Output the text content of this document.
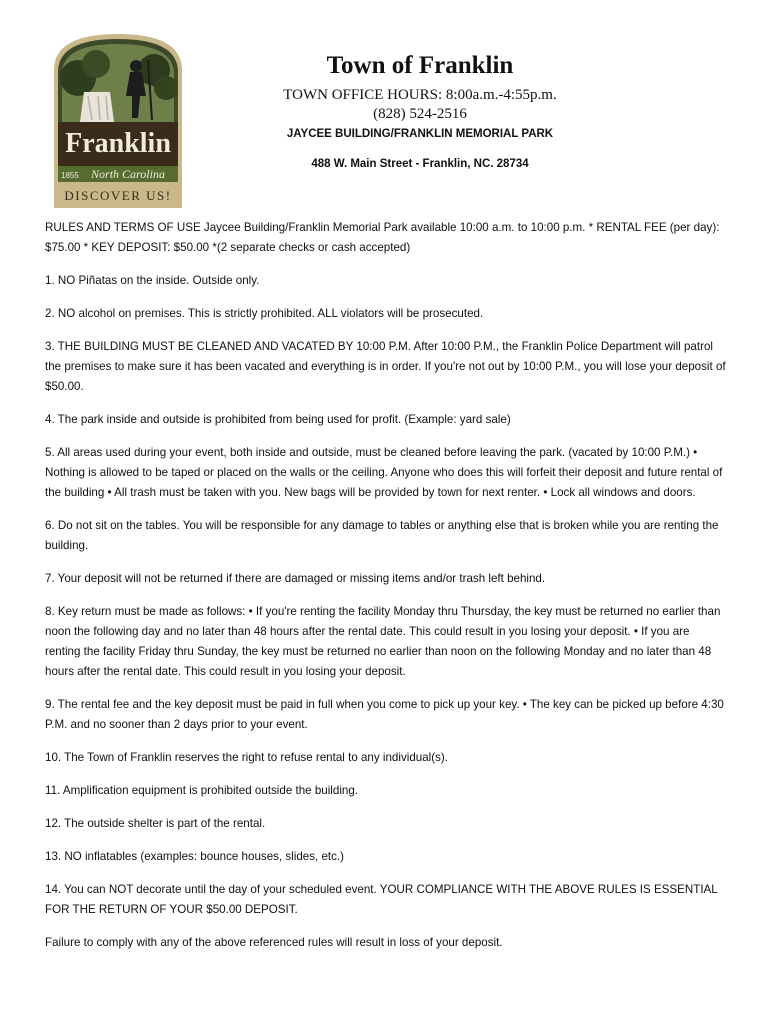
Franklin
1855 North Carolina
DISCOVER US!
Town of Franklin
TOWN OFFICE HOURS: 8:00a.m.-4:55p.m.
(828) 524-2516
JAYCEE BUILDING/FRANKLIN MEMORIAL PARK
488 W. Main Street - Franklin, NC. 28734

RULES AND TERMS OF USE Jaycee Building/Franklin Memorial Park available 10:00 a.m. to 10:00 p.m. * RENTAL FEE (per day): $75.00 * KEY DEPOSIT: $50.00 *(2 separate checks or cash accepted)

1. NO Piñatas on the inside. Outside only.

2. NO alcohol on premises. This is strictly prohibited. ALL violators will be prosecuted.

3. THE BUILDING MUST BE CLEANED AND VACATED BY 10:00 P.M. After 10:00 P.M., the Franklin Police Department will patrol the premises to make sure it has been vacated and everything is in order. If you're not out by 10:00 P.M., you will lose your deposit of $50.00.

4. The park inside and outside is prohibited from being used for profit. (Example: yard sale)

5. All areas used during your event, both inside and outside, must be cleaned before leaving the park. (vacated by 10:00 P.M.) • Nothing is allowed to be taped or placed on the walls or the ceiling. Anyone who does this will forfeit their deposit and future rental of the building • All trash must be taken with you. New bags will be provided by town for next renter. • Lock all windows and doors.

6. Do not sit on the tables. You will be responsible for any damage to tables or anything else that is broken while you are renting the building.

7. Your deposit will not be returned if there are damaged or missing items and/or trash left behind.

8. Key return must be made as follows: • If you're renting the facility Monday thru Thursday, the key must be returned no earlier than noon the following day and no later than 48 hours after the rental date. This could result in you losing your deposit. • If you are renting the facility Friday thru Sunday, the key must be returned no earlier than noon on the following Monday and no later than 48 hours after the rental date. This could result in you losing your deposit.

9. The rental fee and the key deposit must be paid in full when you come to pick up your key. • The key can be picked up before 4:30 P.M. and no sooner than 2 days prior to your event.

10. The Town of Franklin reserves the right to refuse rental to any individual(s).

11. Amplification equipment is prohibited outside the building.

12. The outside shelter is part of the rental.

13. NO inflatables (examples: bounce houses, slides, etc.)

14. You can NOT decorate until the day of your scheduled event. YOUR COMPLIANCE WITH THE ABOVE RULES IS ESSENTIAL FOR THE RETURN OF YOUR $50.00 DEPOSIT.

Failure to comply with any of the above referenced rules will result in loss of your deposit.
